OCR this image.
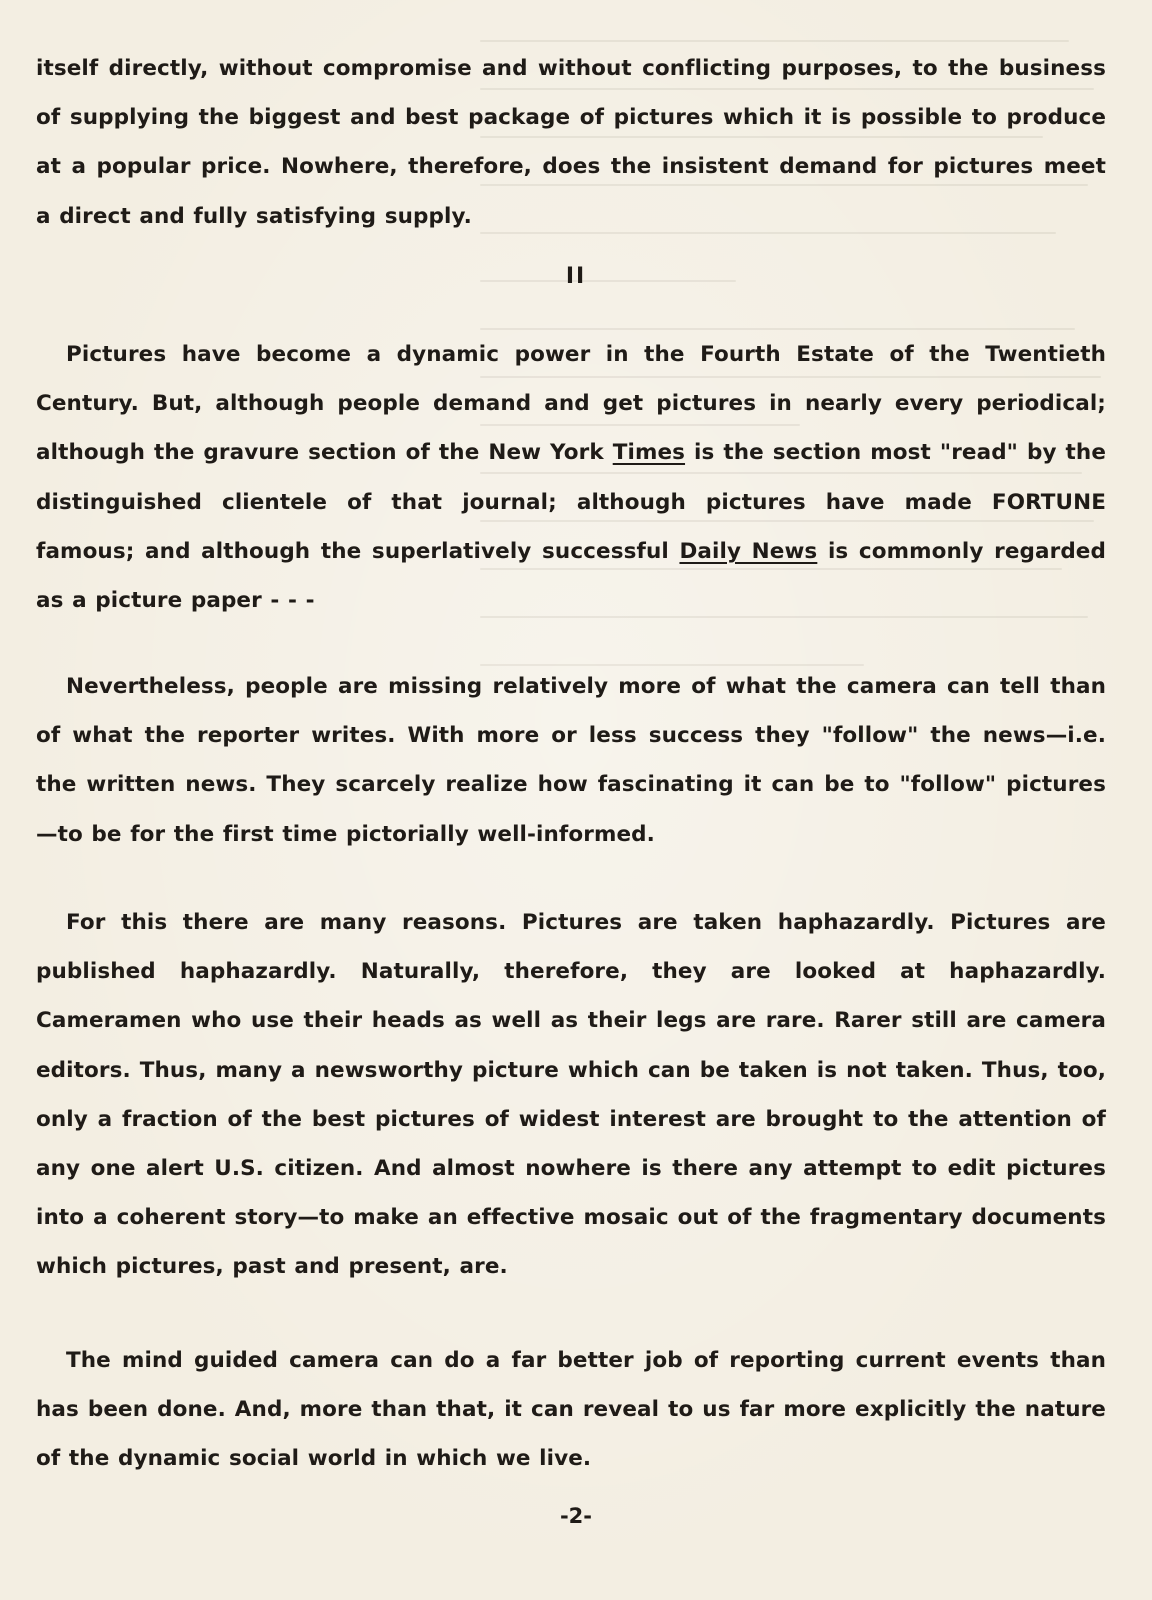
itself directly, without compromise and without conflicting purposes, to the business of supplying the biggest and best package of pictures which it is possible to produce at a popular price. Nowhere, therefore, does the insistent demand for pictures meet a direct and fully satisfying supply.

II

Pictures have become a dynamic power in the Fourth Estate of the Twentieth Century. But, although people demand and get pictures in nearly every periodical; although the gravure section of the New York Times is the section most "read" by the distinguished clientele of that journal; although pictures have made FORTUNE famous; and although the superlatively successful Daily News is commonly regarded as a picture paper - - -

Nevertheless, people are missing relatively more of what the camera can tell than of what the reporter writes. With more or less success they "follow" the news—i.e. the written news. They scarcely realize how fascinating it can be to "follow" pictures—to be for the first time pictorially well-informed.

For this there are many reasons. Pictures are taken haphazardly. Pictures are published haphazardly. Naturally, therefore, they are looked at haphazardly. Cameramen who use their heads as well as their legs are rare. Rarer still are camera editors. Thus, many a newsworthy picture which can be taken is not taken. Thus, too, only a fraction of the best pictures of widest interest are brought to the attention of any one alert U.S. citizen. And almost nowhere is there any attempt to edit pictures into a coherent story—to make an effective mosaic out of the fragmentary documents which pictures, past and present, are.

The mind guided camera can do a far better job of reporting current events than has been done. And, more than that, it can reveal to us far more explicitly the nature of the dynamic social world in which we live.

-2-
